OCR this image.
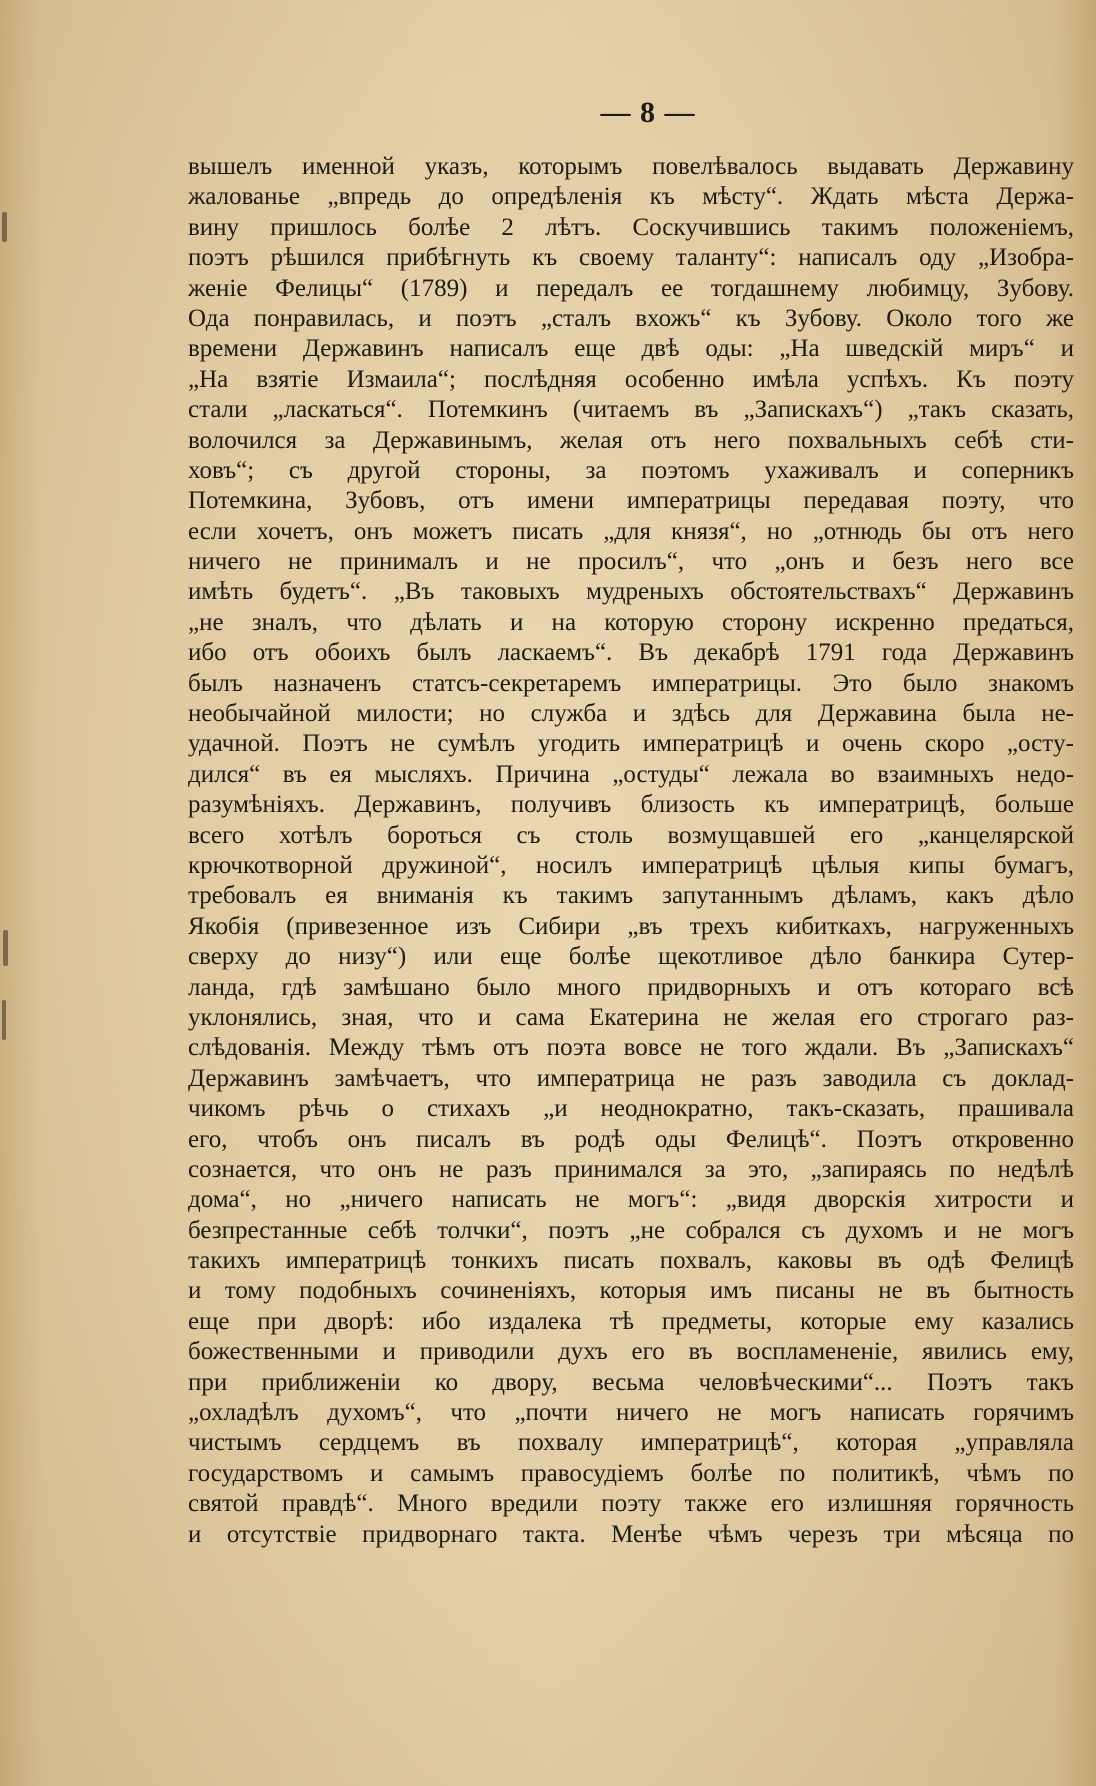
— 8 —
вышелъ именной указъ, которымъ повелѣвалось выдавать Державину
жалованье „впредь до опредѣленія къ мѣсту“. Ждать мѣста Держа-
вину пришлось болѣе 2 лѣтъ. Соскучившись такимъ положеніемъ,
поэтъ рѣшился прибѣгнуть къ своему таланту“: написалъ оду „Изобра-
женіе Фелицы“ (1789) и передалъ ее тогдашнему любимцу, Зубову.
Ода понравилась, и поэтъ „сталъ вхожъ“ къ Зубову. Около того же
времени Державинъ написалъ еще двѣ оды: „На шведскій миръ“ и
„На взятіе Измаила“; послѣдняя особенно имѣла успѣхъ. Къ поэту
стали „ласкаться“. Потемкинъ (читаемъ въ „Запискахъ“) „такъ сказать,
волочился за Державинымъ, желая отъ него похвальныхъ себѣ сти-
ховъ“; съ другой стороны, за поэтомъ ухаживалъ и соперникъ
Потемкина, Зубовъ, отъ имени императрицы передавая поэту, что
если хочетъ, онъ можетъ писать „для князя“, но „отнюдь бы отъ него
ничего не принималъ и не просилъ“, что „онъ и безъ него все
имѣть будетъ“. „Въ таковыхъ мудреныхъ обстоятельствахъ“ Державинъ
„не зналъ, что дѣлать и на которую сторону искренно предаться,
ибо отъ обоихъ былъ ласкаемъ“. Въ декабрѣ 1791 года Державинъ
былъ назначенъ статсъ-секретаремъ императрицы. Это было знакомъ
необычайной милости; но служба и здѣсь для Державина была не-
удачной. Поэтъ не сумѣлъ угодить императрицѣ и очень скоро „остy-
дился“ въ ея мысляхъ. Причина „остуды“ лежала во взаимныхъ недо-
разумѣніяхъ. Державинъ, получивъ близость къ императрицѣ, больше
всего хотѣлъ бороться съ столь возмущавшей его „канцелярской
крючкотворной дружиной“, носилъ императрицѣ цѣлыя кипы бумагъ,
требовалъ ея вниманія къ такимъ запутаннымъ дѣламъ, какъ дѣло
Якобія (привезенное изъ Сибири „въ трехъ кибиткахъ, нагруженныхъ
сверху до низу“) или еще болѣе щекотливое дѣло банкира Сутер-
ланда, гдѣ замѣшано было много придворныхъ и отъ котораго всѣ
уклонялись, зная, что и сама Екатерина не желая его строгаго раз-
слѣдованія. Между тѣмъ отъ поэта вовсе не того ждали. Въ „Запискахъ“
Державинъ замѣчаетъ, что императрица не разъ заводила съ доклад-
чикомъ рѣчь о стихахъ „и неоднократно, такъ-сказать, прашивала
его, чтобъ онъ писалъ въ родѣ оды Фелицѣ“. Поэтъ откровенно
сознается, что онъ не разъ принимался за это, „запираясь по недѣлѣ
дома“, но „ничего написать не могъ“: „видя дворскія хитрости и
безпрестанные себѣ толчки“, поэтъ „не собрался съ духомъ и не могъ
такихъ императрицѣ тонкихъ писать похвалъ, каковы въ одѣ Фелицѣ
и тому подобныхъ сочиненіяхъ, которыя имъ писаны не въ бытность
еще при дворѣ: ибо издалека тѣ предметы, которые ему казались
божественными и приводили духъ его въ воспламененіе, явились ему,
при приближеніи ко двору, весьма человѣческими“... Поэтъ такъ
„охладѣлъ духомъ“, что „почти ничего не могъ написать горячимъ
чистымъ сердцемъ въ похвалу императрицѣ“, которая „управляла
государствомъ и самымъ правосудіемъ болѣе по политикѣ, чѣмъ по
святой правдѣ“. Много вредили поэту также его излишняя горячность
и отсутствіе придворнаго такта. Менѣе чѣмъ черезъ три мѣсяца по
